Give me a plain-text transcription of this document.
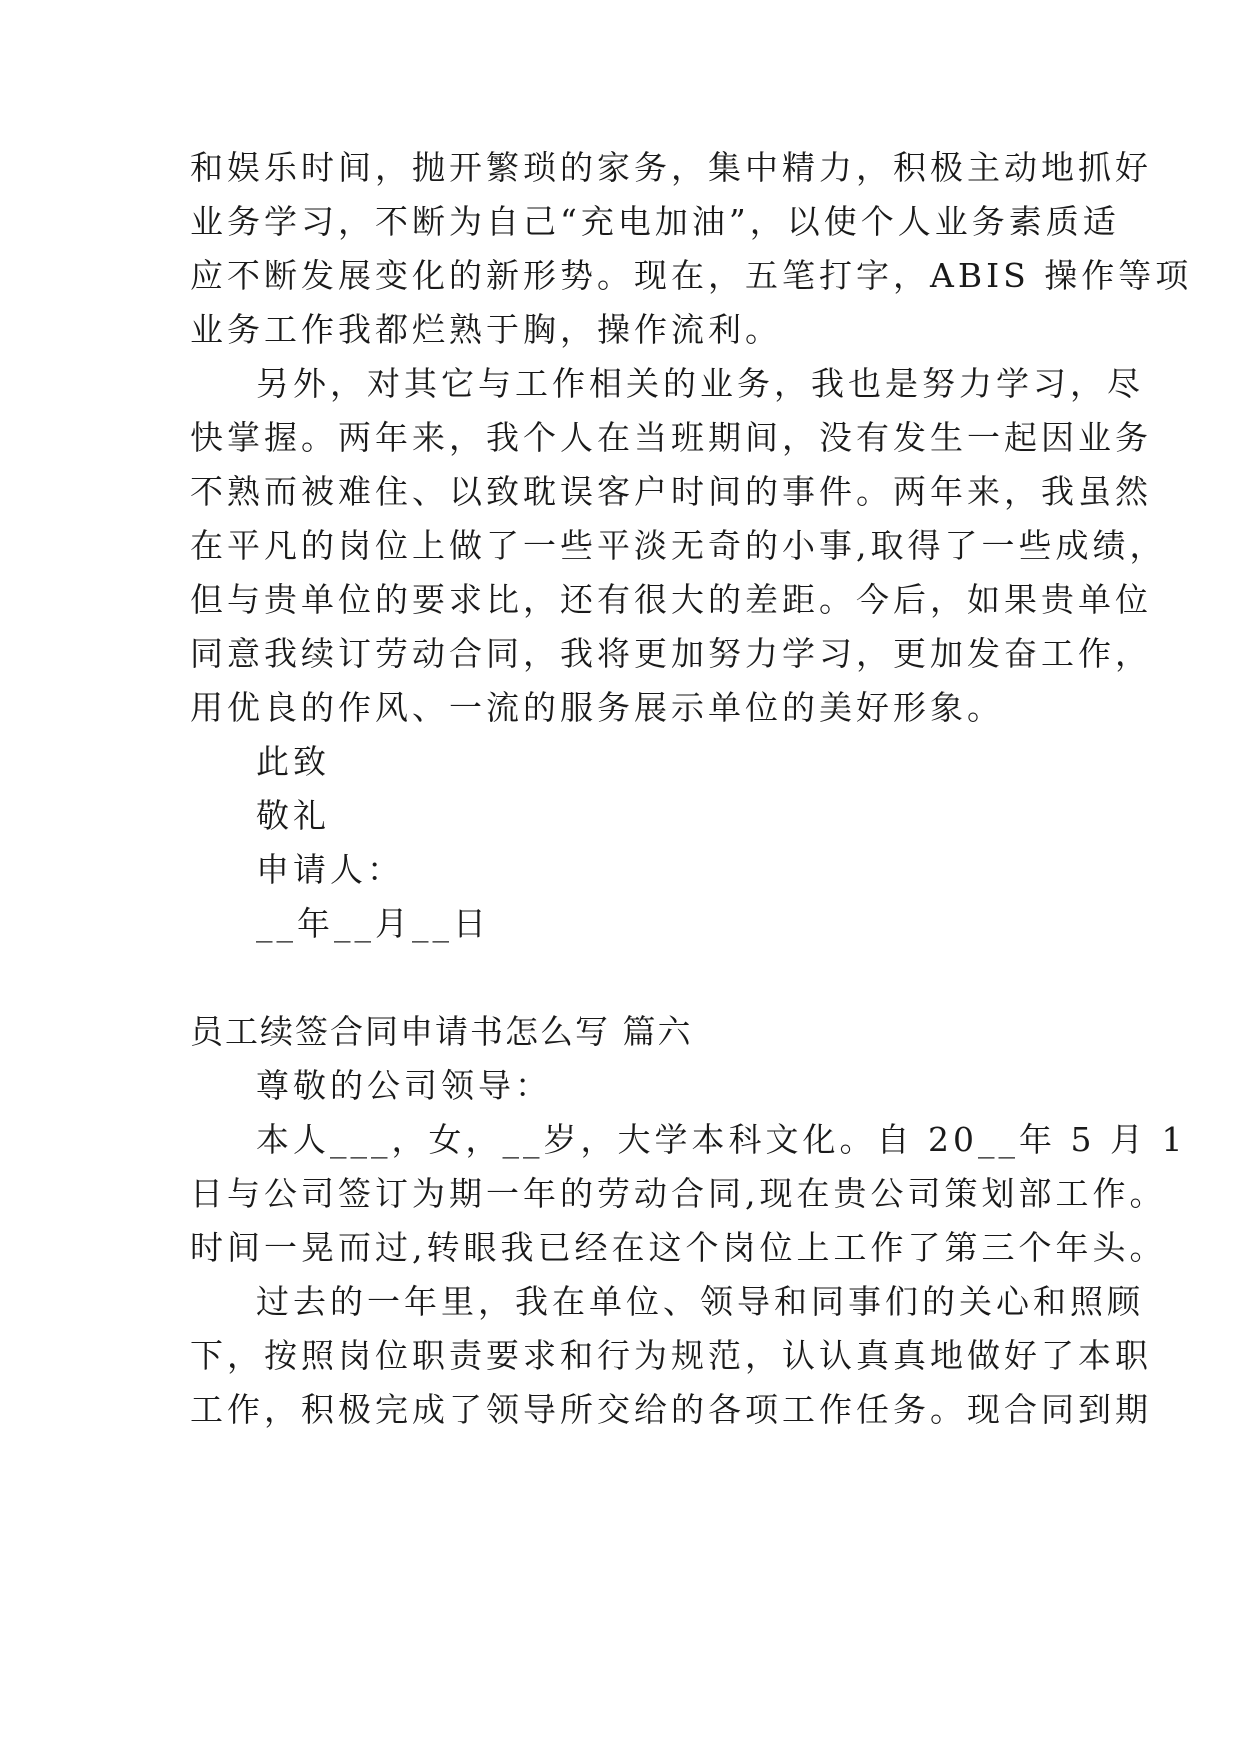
和娱乐时间，抛开繁琐的家务，集中精力，积极主动地抓好
业务学习，不断为自己“充电加油”，以使个人业务素质适
应不断发展变化的新形势。现在，五笔打字，ABIS 操作等项
业务工作我都烂熟于胸，操作流利。
另外，对其它与工作相关的业务，我也是努力学习，尽
快掌握。两年来，我个人在当班期间，没有发生一起因业务
不熟而被难住、以致耽误客户时间的事件。两年来，我虽然
在平凡的岗位上做了一些平淡无奇的小事,取得了一些成绩，
但与贵单位的要求比，还有很大的差距。今后，如果贵单位
同意我续订劳动合同，我将更加努力学习，更加发奋工作，
用优良的作风、一流的服务展示单位的美好形象。
此致
敬礼
申请人：
__年__月__日
员工续签合同申请书怎么写 篇六
尊敬的公司领导：
本人___，女，__岁，大学本科文化。自 20__年 5 月 1
日与公司签订为期一年的劳动合同,现在贵公司策划部工作。
时间一晃而过,转眼我已经在这个岗位上工作了第三个年头。
过去的一年里，我在单位、领导和同事们的关心和照顾
下，按照岗位职责要求和行为规范，认认真真地做好了本职
工作，积极完成了领导所交给的各项工作任务。现合同到期
